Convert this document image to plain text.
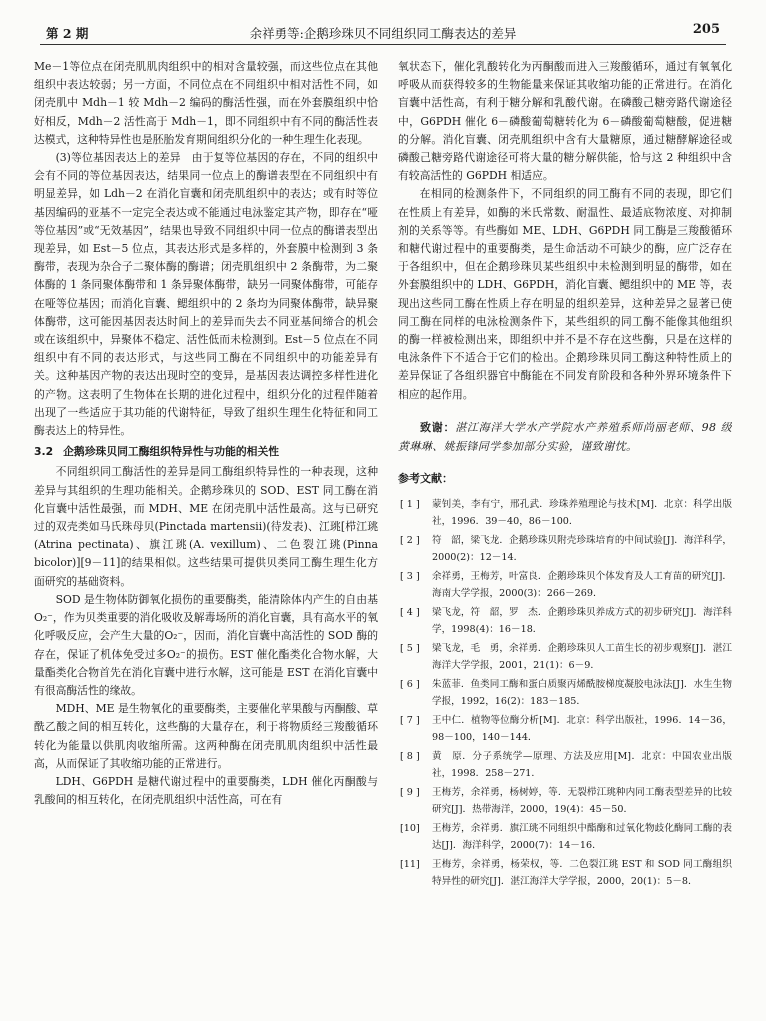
第 2 期	余祥勇等:企鹅珍珠贝不同组织同工酶表达的差异	205

Me－1等位点在闭壳肌肌肉组织中的相对含量较强，而这些位点在其他组织中表达较弱；另一方面，不同位点在不同组织中相对活性不同，如闭壳肌中 Mdh－1 较 Mdh－2 编码的酶活性强，而在外套膜组织中恰好相反，Mdh－2 活性高于 Mdh－1，即不同组织中有不同的酶活性表达模式，这种特异性也是胚胎发育期间组织分化的一种生理生化表现。

(3)等位基因表达上的差异　由于复等位基因的存在，不同的组织中会有不同的等位基因表达，结果同一位点上的酶谱表型在不同组织中有明显差异，如 Ldh－2 在消化盲囊和闭壳肌组织中的表达；或有时等位基因编码的亚基不一定完全表达或不能通过电泳鉴定其产物，即存在“哑等位基因”或“无效基因”，结果也导致不同组织中同一位点的酶谱表型出现差异，如 Est－5 位点，其表达形式是多样的，外套膜中检测到 3 条酶带，表现为杂合子二聚体酶的酶谱；闭壳肌组织中 2 条酶带，为二聚体酶的 1 条同聚体酶带和 1 条异聚体酶带，缺另一同聚体酶带，可能存在哑等位基因；而消化盲囊、鳃组织中的 2 条均为同聚体酶带，缺异聚体酶带，这可能因基因表达时间上的差异而失去不同亚基间缔合的机会或在该组织中，异聚体不稳定、活性低而未检测到。Est－5 位点在不同组织中有不同的表达形式，与这些同工酶在不同组织中的功能差异有关。这种基因产物的表达出现时空的变异，是基因表达调控多样性进化的产物。这表明了生物体在长期的进化过程中，组织分化的过程伴随着出现了一些适应于其功能的代谢特征，导致了组织生理生化特征和同工酶表达上的特异性。

3.2 企鹅珍珠贝同工酶组织特异性与功能的相关性

不同组织同工酶活性的差异是同工酶组织特异性的一种表现，这种差异与其组织的生理功能相关。企鹅珍珠贝的 SOD、EST 同工酶在消化盲囊中活性最强，而 MDH、ME 在闭壳肌中活性最高。这与已研究过的双壳类如马氏珠母贝(Pinctada martensii)(待发表)、江珧[栉江珧(Atrina pectinata)、旗江珧(A. vexillum)、二色裂江珧(Pinna bicolor)][9－11]的结果相似。这些结果可提供贝类同工酶生理生化方面研究的基础资料。

SOD 是生物体防御氧化损伤的重要酶类，能清除体内产生的自由基O₂⁻，作为贝类重要的消化吸收及解毒场所的消化盲囊，具有高水平的氧化呼吸反应，会产生大量的O₂⁻，因而，消化盲囊中高活性的 SOD 酶的存在，保证了机体免受过多O₂⁻的损伤。EST 催化酯类化合物水解，大量酯类化合物首先在消化盲囊中进行水解，这可能是 EST 在消化盲囊中有很高酶活性的缘故。

MDH、ME 是生物氧化的重要酶类，主要催化苹果酸与丙酮酸、草酰乙酸之间的相互转化，这些酶的大量存在，利于将物质经三羧酸循环转化为能量以供肌肉收缩所需。这两种酶在闭壳肌肌肉组织中活性最高，从而保证了其收缩功能的正常进行。

LDH、G6PDH 是糖代谢过程中的重要酶类，LDH 催化丙酮酸与乳酸间的相互转化，在闭壳肌组织中活性高，可在有

氧状态下，催化乳酸转化为丙酮酸而进入三羧酸循环，通过有氧氧化呼吸从而获得较多的生物能量来保证其收缩功能的正常进行。在消化盲囊中活性高，有利于糖分解和乳酸代谢。在磷酸己糖旁路代谢途径中，G6PDH 催化 6－磷酸葡萄糖转化为 6－磷酸葡萄糖酸，促进糖的分解。消化盲囊、闭壳肌组织中含有大量糖原，通过糖酵解途径或磷酸己糖旁路代谢途径可将大量的糖分解供能，恰与这 2 种组织中含有较高活性的 G6PDH 相适应。

在相同的检测条件下，不同组织的同工酶有不同的表现，即它们在性质上有差异，如酶的米氏常数、耐温性、最适底物浓度、对抑制剂的关系等等。有些酶如 ME、LDH、G6PDH 同工酶是三羧酸循环和糖代谢过程中的重要酶类，是生命活动不可缺少的酶，应广泛存在于各组织中，但在企鹅珍珠贝某些组织中未检测到明显的酶带，如在外套膜组织中的 LDH、G6PDH，消化盲囊、鳃组织中的 ME 等，表现出这些同工酶在性质上存在明显的组织差异，这种差异之显著已使同工酶在同样的电泳检测条件下，某些组织的同工酶不能像其他组织的酶一样被检测出来，即组织中并不是不存在这些酶，只是在这样的电泳条件下不适合于它们的检出。企鹅珍珠贝同工酶这种特性质上的差异保证了各组织器官中酶能在不同发育阶段和各种外界环境条件下相应的起作用。

致谢：湛江海洋大学水产学院水产养殖系师尚丽老师、98 级黄琳琳、姚振锋同学参加部分实验，谨致谢忱。
参考文献：
[ 1 ]	蒙钊美，李有宁，邢孔武．珍珠养殖理论与技术[M]．北京：科学出版社，1996．39－40，86－100．
[ 2 ]	符　韶，梁飞龙．企鹅珍珠贝附壳珍珠培育的中间试验[J]．海洋科学，2000(2)：12－14．
[ 3 ]	余祥勇，王梅芳，叶富良．企鹅珍珠贝个体发育及人工育苗的研究[J]．海南大学学报，2000(3)：266－269．
[ 4 ]	梁飞龙，符　韶，罗　杰．企鹅珍珠贝养成方式的初步研究[J]．海洋科学，1998(4)：16－18．
[ 5 ]	梁飞龙，毛　勇，余祥勇．企鹅珍珠贝人工苗生长的初步观察[J]．湛江海洋大学学报，2001，21(1)：6－9．
[ 6 ]	朱蓝菲．鱼类同工酶和蛋白质聚丙烯酰胺梯度凝胶电泳法[J]．水生生物学报，1992，16(2)：183－185．
[ 7 ]	王中仁．植物等位酶分析[M]．北京：科学出版社，1996．14－36，98－100，140－144．
[ 8 ]	黄　原．分子系统学—原理、方法及应用[M]．北京：中国农业出版社，1998．258－271．
[ 9 ]	王梅芳，余祥勇，杨树婷，等．无裂栉江珧种内同工酶表型差异的比较研究[J]．热带海洋，2000，19(4)：45－50．
[10]	王梅芳，余祥勇．旗江珧不同组织中酯酶和过氧化物歧化酶同工酶的表达[J]．海洋科学，2000(7)：14－16．
[11]	王梅芳，余祥勇，杨荣权，等．二色裂江珧 EST 和 SOD 同工酶组织特异性的研究[J]．湛江海洋大学学报，2000，20(1)：5－8．
